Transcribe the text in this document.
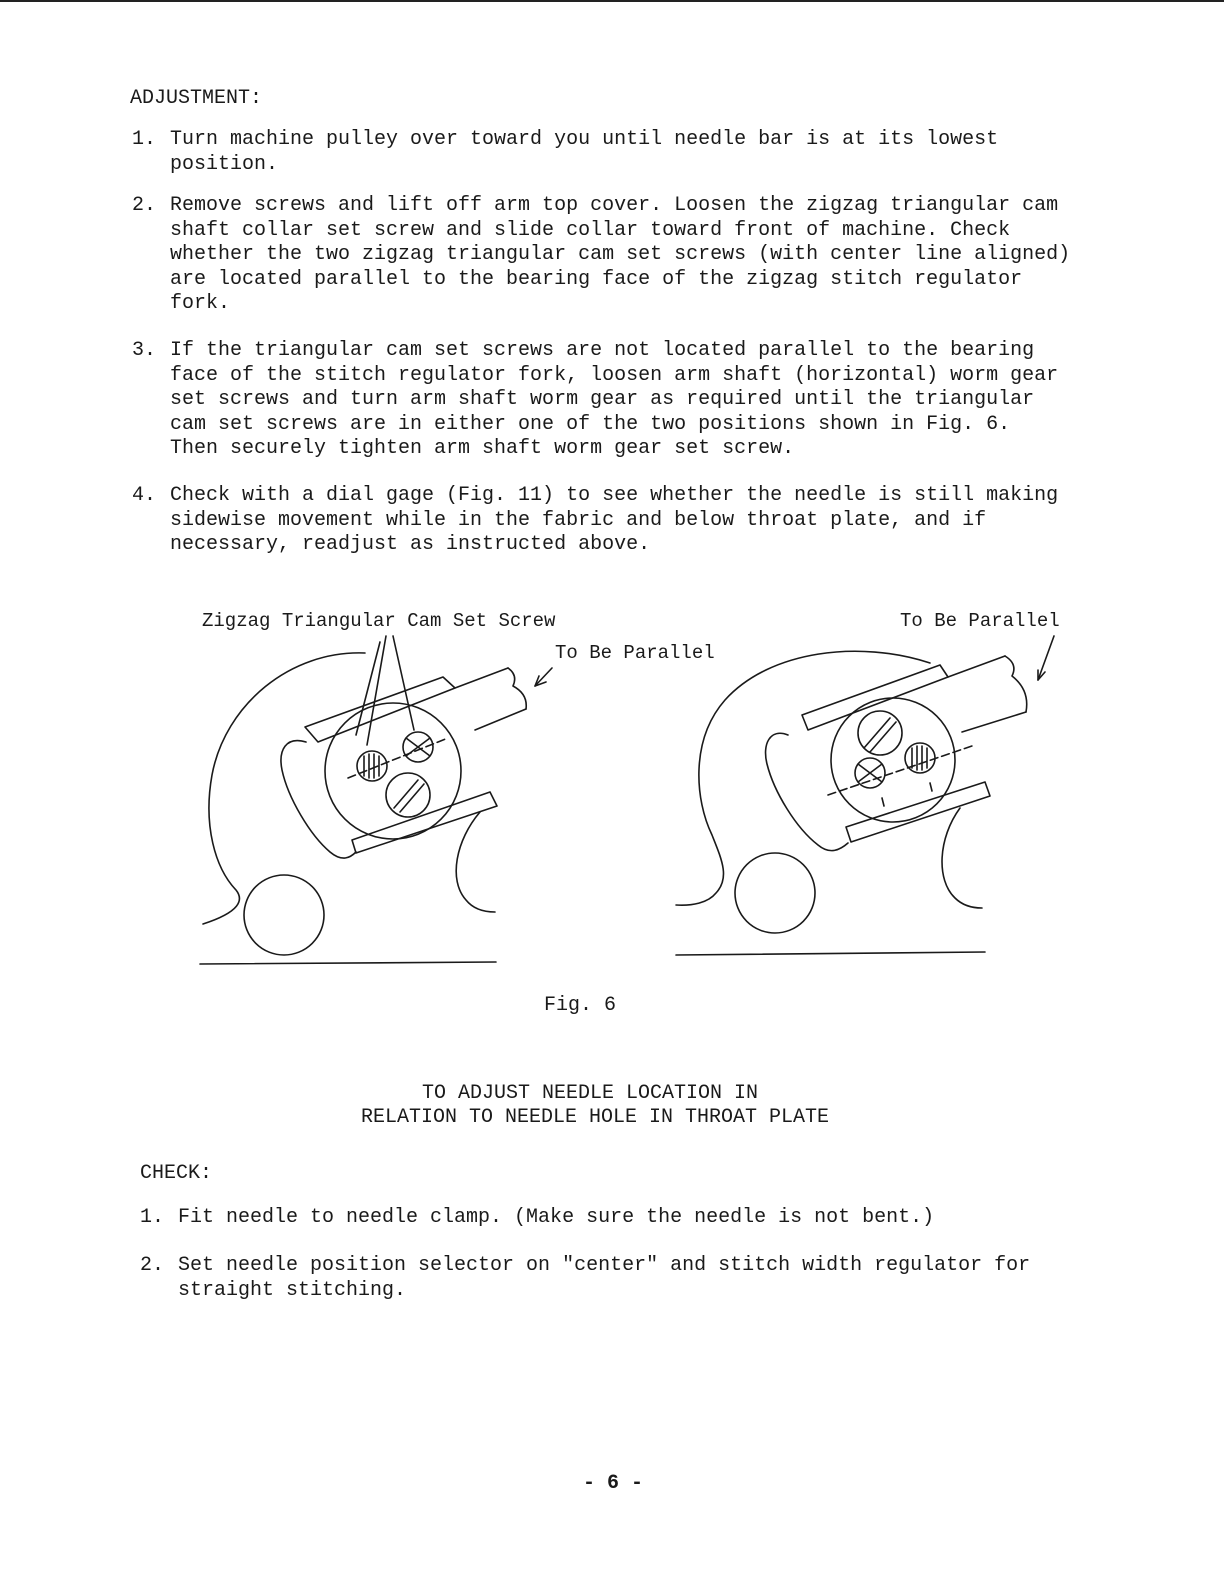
ADJUSTMENT:
1. Turn machine pulley over toward you until needle bar is at its lowest
position.
2. Remove screws and lift off arm top cover. Loosen the zigzag triangular cam
shaft collar set screw and slide collar toward front of machine. Check
whether the two zigzag triangular cam set screws (with center line aligned)
are located parallel to the bearing face of the zigzag stitch regulator
fork.
3. If the triangular cam set screws are not located parallel to the bearing
face of the stitch regulator fork, loosen arm shaft (horizontal) worm gear
set screws and turn arm shaft worm gear as required until the triangular
cam set screws are in either one of the two positions shown in Fig. 6.
Then securely tighten arm shaft worm gear set screw.
4. Check with a dial gage (Fig. 11) to see whether the needle is still making
sidewise movement while in the fabric and below throat plate, and if
necessary, readjust as instructed above.
Zigzag Triangular Cam Set Screw
To Be Parallel
To Be Parallel
Fig. 6
TO ADJUST NEEDLE LOCATION IN
RELATION TO NEEDLE HOLE IN THROAT PLATE
CHECK:
1. Fit needle to needle clamp. (Make sure the needle is not bent.)
2. Set needle position selector on "center" and stitch width regulator for
straight stitching.
- 6 -
